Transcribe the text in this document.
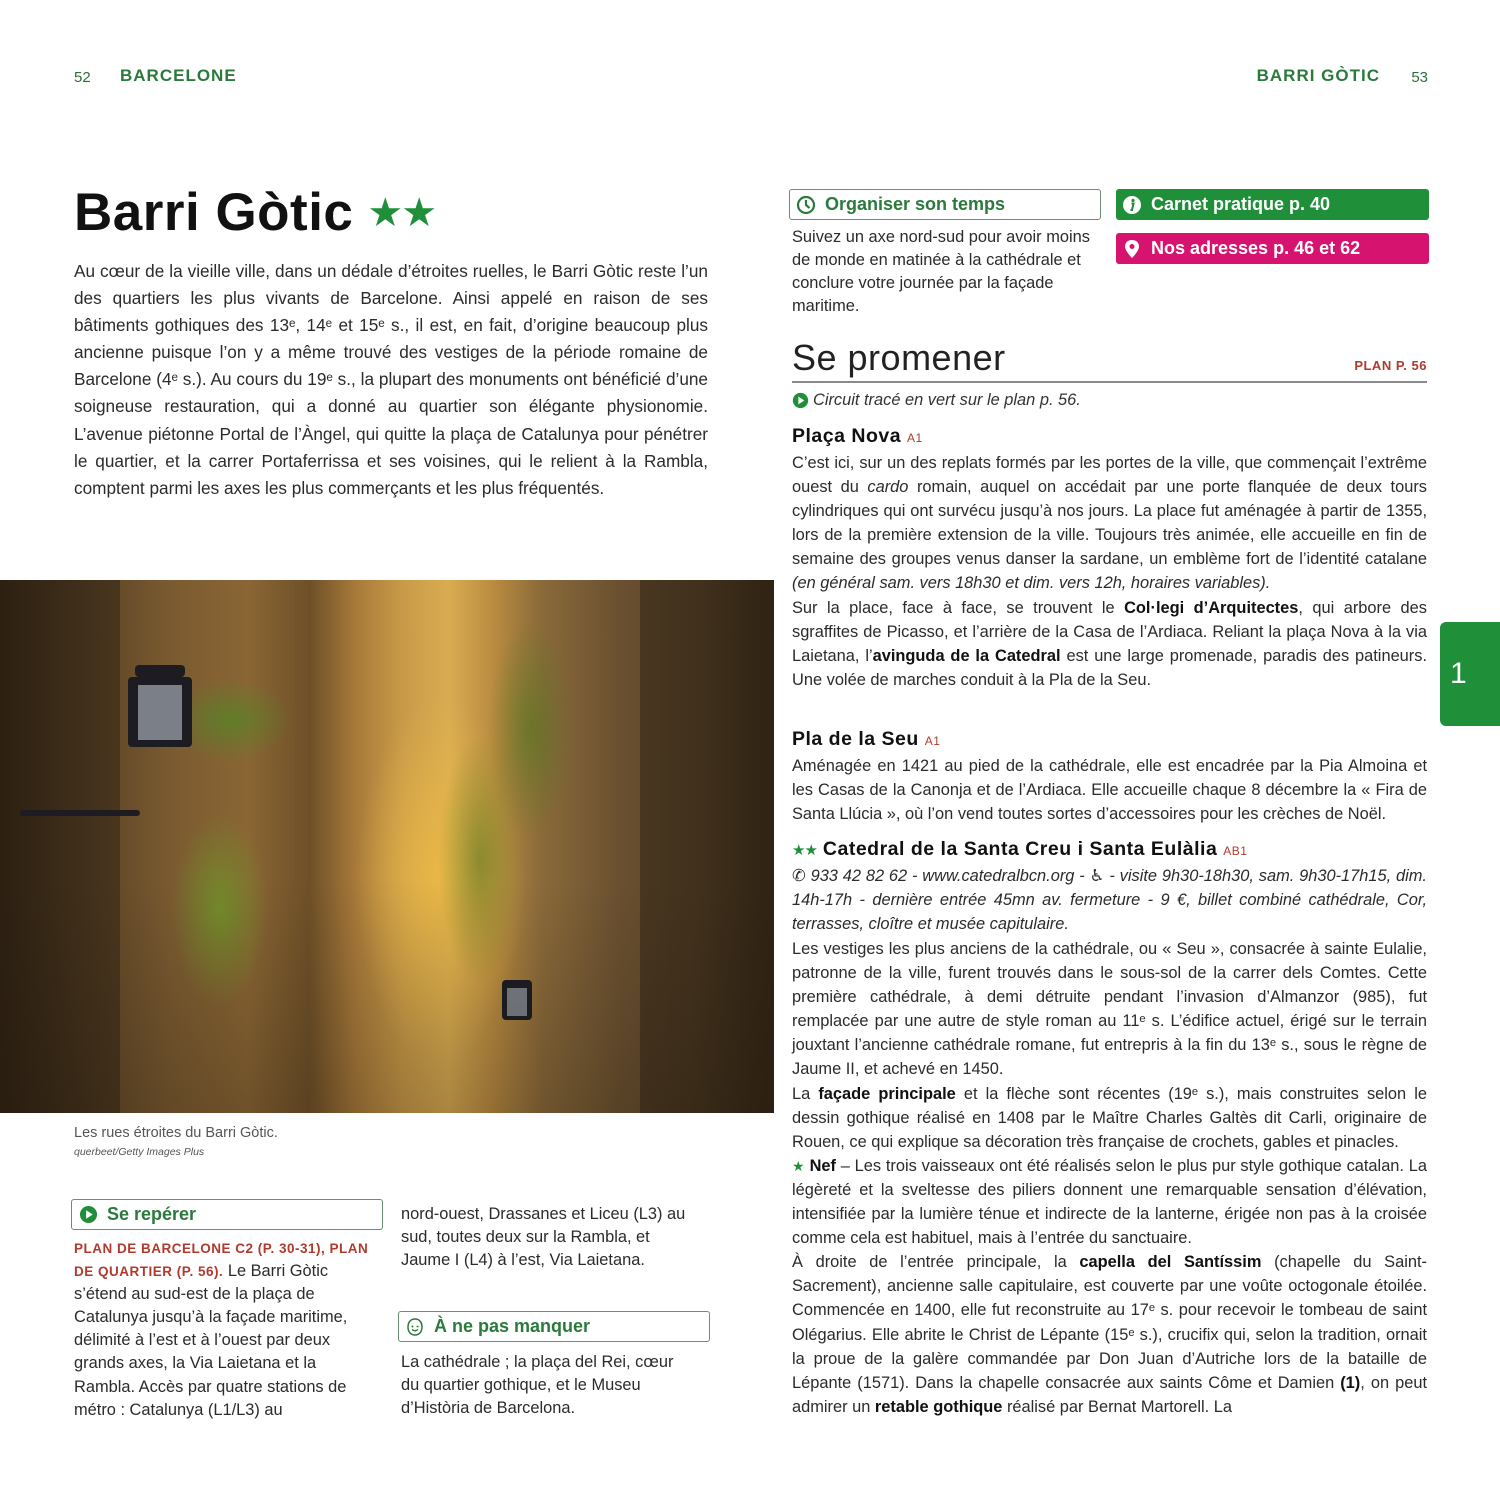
52 BARCELONE	BARRI GÒTIC 53
Barri Gòtic ★★

Au cœur de la vieille ville, dans un dédale d’étroites ruelles, le Barri Gòtic reste l’un des quartiers les plus vivants de Barcelone. Ainsi appelé en raison de ses bâtiments gothiques des 13ᵉ, 14ᵉ et 15ᵉ s., il est, en fait, d’origine beaucoup plus ancienne puisque l’on y a même trouvé des vestiges de la période romaine de Barcelone (4ᵉ s.). Au cours du 19ᵉ s., la plupart des monuments ont bénéficié d’une soigneuse restauration, qui a donné au quartier son élégante physionomie. L’avenue piétonne Portal de l’Àngel, qui quitte la plaça de Catalunya pour pénétrer le quartier, et la carrer Portaferrissa et ses voisines, qui le relient à la Rambla, comptent parmi les axes les plus commerçants et les plus fréquentés.

Les rues étroites du Barri Gòtic.
querbeet/Getty Images Plus
Se repérer
PLAN DE BARCELONE C2 (P. 30-31), PLAN DE QUARTIER (P. 56). Le Barri Gòtic s’étend au sud-est de la plaça de Catalunya jusqu’à la façade maritime, délimité à l’est et à l’ouest par deux grands axes, la Via Laietana et la Rambla. Accès par quatre stations de métro : Catalunya (L1/L3) au
nord-ouest, Drassanes et Liceu (L3) au sud, toutes deux sur la Rambla, et Jaume I (L4) à l’est, Via Laietana.
À ne pas manquer
La cathédrale ; la plaça del Rei, cœur du quartier gothique, et le Museu d’Història de Barcelona.
Organiser son temps
Suivez un axe nord-sud pour avoir moins de monde en matinée à la cathédrale et conclure votre journée par la façade maritime.
Carnet pratique p. 40
Nos adresses p. 46 et 62
Se promener	PLAN P. 56
Circuit tracé en vert sur le plan p. 56.
Plaça Nova A1
C’est ici, sur un des replats formés par les portes de la ville, que commençait l’extrême ouest du cardo romain, auquel on accédait par une porte flanquée de deux tours cylindriques qui ont survécu jusqu’à nos jours. La place fut aménagée à partir de 1355, lors de la première extension de la ville. Toujours très animée, elle accueille en fin de semaine des groupes venus danser la sardane, un emblème fort de l’identité catalane (en général sam. vers 18h30 et dim. vers 12h, horaires variables).
Sur la place, face à face, se trouvent le Col·legi d’Arquitectes, qui arbore des sgraffites de Picasso, et l’arrière de la Casa de l’Ardiaca. Reliant la plaça Nova à la via Laietana, l’avinguda de la Catedral est une large promenade, paradis des patineurs. Une volée de marches conduit à la Pla de la Seu.
Pla de la Seu A1
Aménagée en 1421 au pied de la cathédrale, elle est encadrée par la Pia Almoina et les Casas de la Canonja et de l’Ardiaca. Elle accueille chaque 8 décembre la « Fira de Santa Llúcia », où l’on vend toutes sortes d’accessoires pour les crèches de Noël.
★★ Catedral de la Santa Creu i Santa Eulàlia AB1
✆ 933 42 82 62 - www.catedralbcn.org - ♿ - visite 9h30-18h30, sam. 9h30-17h15, dim. 14h-17h - dernière entrée 45mn av. fermeture - 9 €, billet combiné cathédrale, Cor, terrasses, cloître et musée capitulaire.
Les vestiges les plus anciens de la cathédrale, ou « Seu », consacrée à sainte Eulalie, patronne de la ville, furent trouvés dans le sous-sol de la carrer dels Comtes. Cette première cathédrale, à demi détruite pendant l’invasion d’Almanzor (985), fut remplacée par une autre de style roman au 11ᵉ s. L’édifice actuel, érigé sur le terrain jouxtant l’ancienne cathédrale romane, fut entrepris à la fin du 13ᵉ s., sous le règne de Jaume II, et achevé en 1450.
La façade principale et la flèche sont récentes (19ᵉ s.), mais construites selon le dessin gothique réalisé en 1408 par le Maître Charles Galtès dit Carli, originaire de Rouen, ce qui explique sa décoration très française de crochets, gables et pinacles.
★ Nef – Les trois vaisseaux ont été réalisés selon le plus pur style gothique catalan. La légèreté et la sveltesse des piliers donnent une remarquable sensation d’élévation, intensifiée par la lumière ténue et indirecte de la lanterne, érigée non pas à la croisée comme cela est habituel, mais à l’entrée du sanctuaire.
À droite de l’entrée principale, la capella del Santíssim (chapelle du Saint-Sacrement), ancienne salle capitulaire, est couverte par une voûte octogonale étoilée. Commencée en 1400, elle fut reconstruite au 17ᵉ s. pour recevoir le tombeau de saint Olégarius. Elle abrite le Christ de Lépante (15ᵉ s.), crucifix qui, selon la tradition, ornait la proue de la galère commandée par Don Juan d’Autriche lors de la bataille de Lépante (1571). Dans la chapelle consacrée aux saints Côme et Damien (1), on peut admirer un retable gothique réalisé par Bernat Martorell. La
1
